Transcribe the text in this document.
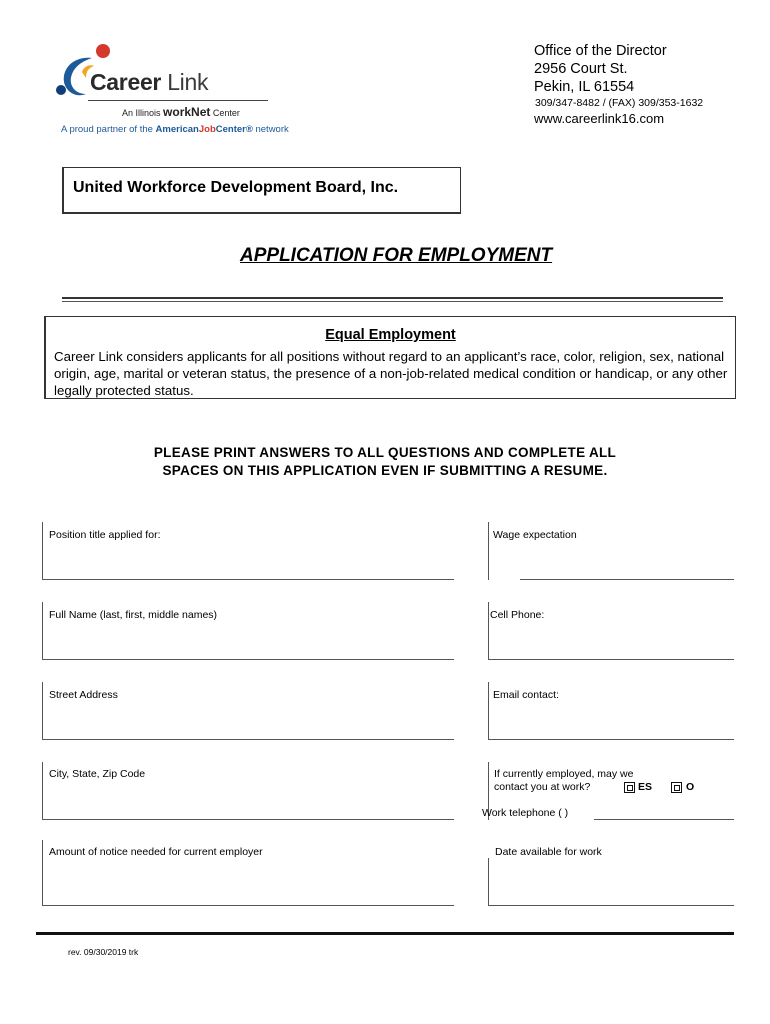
Career Link
An Illinois workNet Center
A proud partner of the AmericanJobCenter® network
Office of the Director
2956 Court St.
Pekin, IL 61554
309/347-8482 / (FAX) 309/353-1632
www.careerlink16.com
United Workforce Development Board, Inc.
APPLICATION FOR EMPLOYMENT
Equal Employment
Career Link considers applicants for all positions without regard to an applicant’s race, color, religion, sex, national
origin, age, marital or veteran status, the presence of a non-job-related medical condition or handicap, or any other
legally protected status.
PLEASE PRINT ANSWERS TO ALL QUESTIONS AND COMPLETE ALL
SPACES ON THIS APPLICATION EVEN IF SUBMITTING A RESUME.
Position title applied for:	Wage expectation
Full Name (last, first, middle names)	Cell Phone:
Street Address	Email contact:
City, State, Zip Code	If currently employed, may we
contact you at work?	ES	O
Work telephone ( )
Amount of notice needed for current employer	Date available for work
rev. 09/30/2019 trk
